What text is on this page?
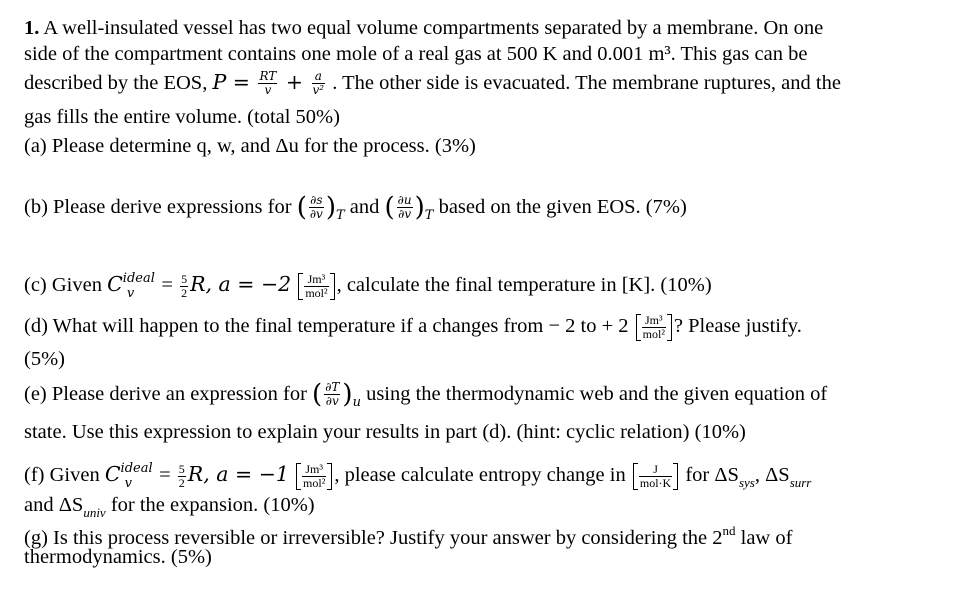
1. A well-insulated vessel has two equal volume compartments separated by a membrane. On one
side of the compartment contains one mole of a real gas at 500 K and 0.001 m³. This gas can be
described by the EOS, $P = \frac{RT}{v} + \frac{a}{\text{v²}}$ . The other side is evacuated. The membrane ruptures, and the
gas fills the entire volume. (total 50%)
(a) Please determine q, w, and Δu for the process. (3%)
(b) Please derive expressions for ( $\frac{\partial s}{\partial v} )_T$ and ( $\frac{\partial u}{\partial v} )_T$ based on the given EOS. (7%)
(c) Given $C^{ideal}_v = \frac{5}{2} R$, $a = -2 \frac{\text{Jm³}}{\text{mol²}}$ , calculate the final temperature in [K]. (10%)
(d) What will happen to the final temperature if a changes from − 2 to + $2 \frac{\text{Jm³}}{\text{mol²}}$ ? Please justify.
(5%)
(e) Please derive an expression for ( $\frac{\partial T}{\partial v} )_u$ using the thermodynamic web and the given equation of
state. Use this expression to explain your results in part (d). (hint: cyclic relation) (10%)
(f) Given $C^{ideal}_v = \frac{5}{2} R$, $a = -1 \frac{\text{Jm³}}{\text{mol²}}$ , please calculate entropy change in $\frac{J}{\text{mol·K}}$ for $\Delta S_{sys}$, $\Delta S_{surr}$
and $\Delta S_{univ}$ for the expansion. (10%)
(g) Is this process reversible or irreversible? Justify your answer by considering the 2nd law of
thermodynamics. (5%)
